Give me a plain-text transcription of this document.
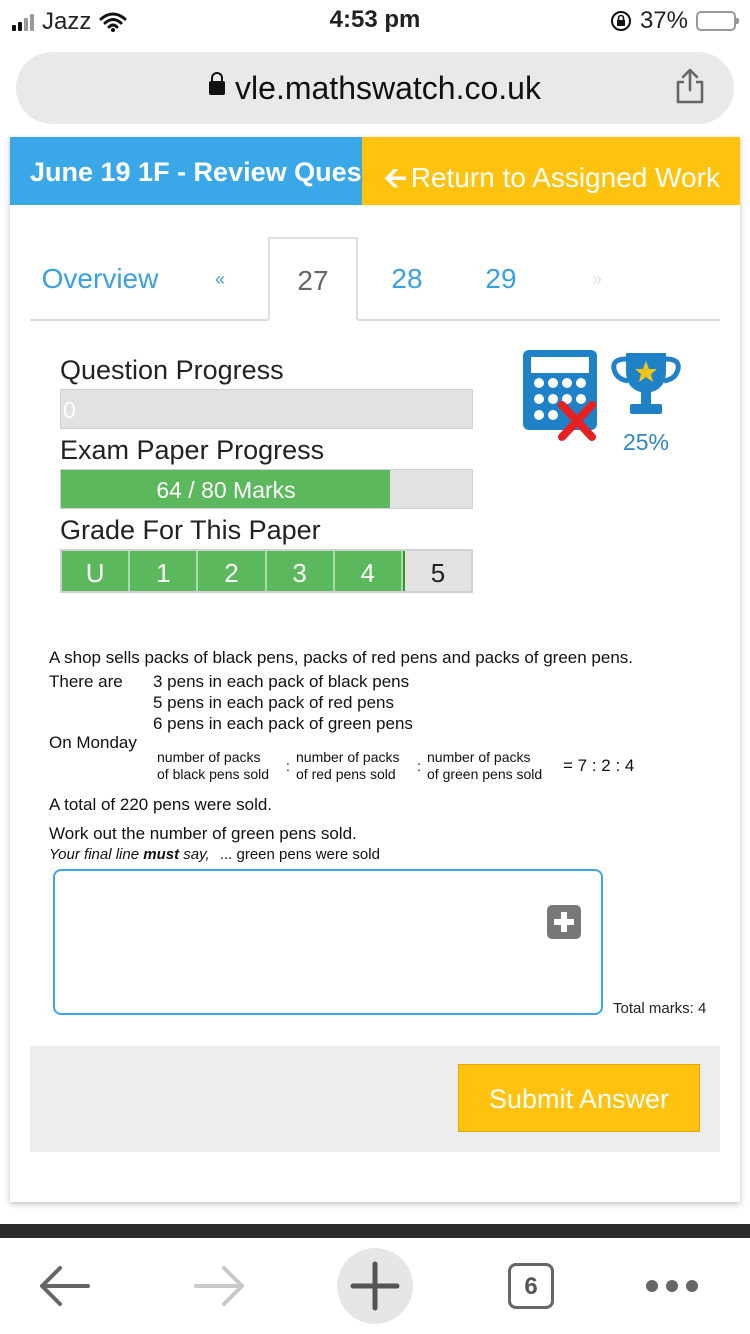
Jazz	4:53 pm	37%
vle.mathswatch.co.uk
June 19 1F - Review Ques 🡨 Return to Assigned Work
Overview	«	27	28	29	»
Question Progress
0
Exam Paper Progress
64 / 80 Marks
Grade For This Paper
U	1	2	3	4	5
25%
A shop sells packs of black pens, packs of red pens and packs of green pens.
There are 3 pens in each pack of black pens
5 pens in each pack of red pens
6 pens in each pack of green pens
On Monday
number of packs
of black pens sold :
number of packs
of red pens sold :
number of packs
of green pens sold = 7 : 2 : 4
A total of 220 pens were sold.
Work out the number of green pens sold.
Your final line must say, ... green pens were sold
Total marks: 4
Submit Answer
6
